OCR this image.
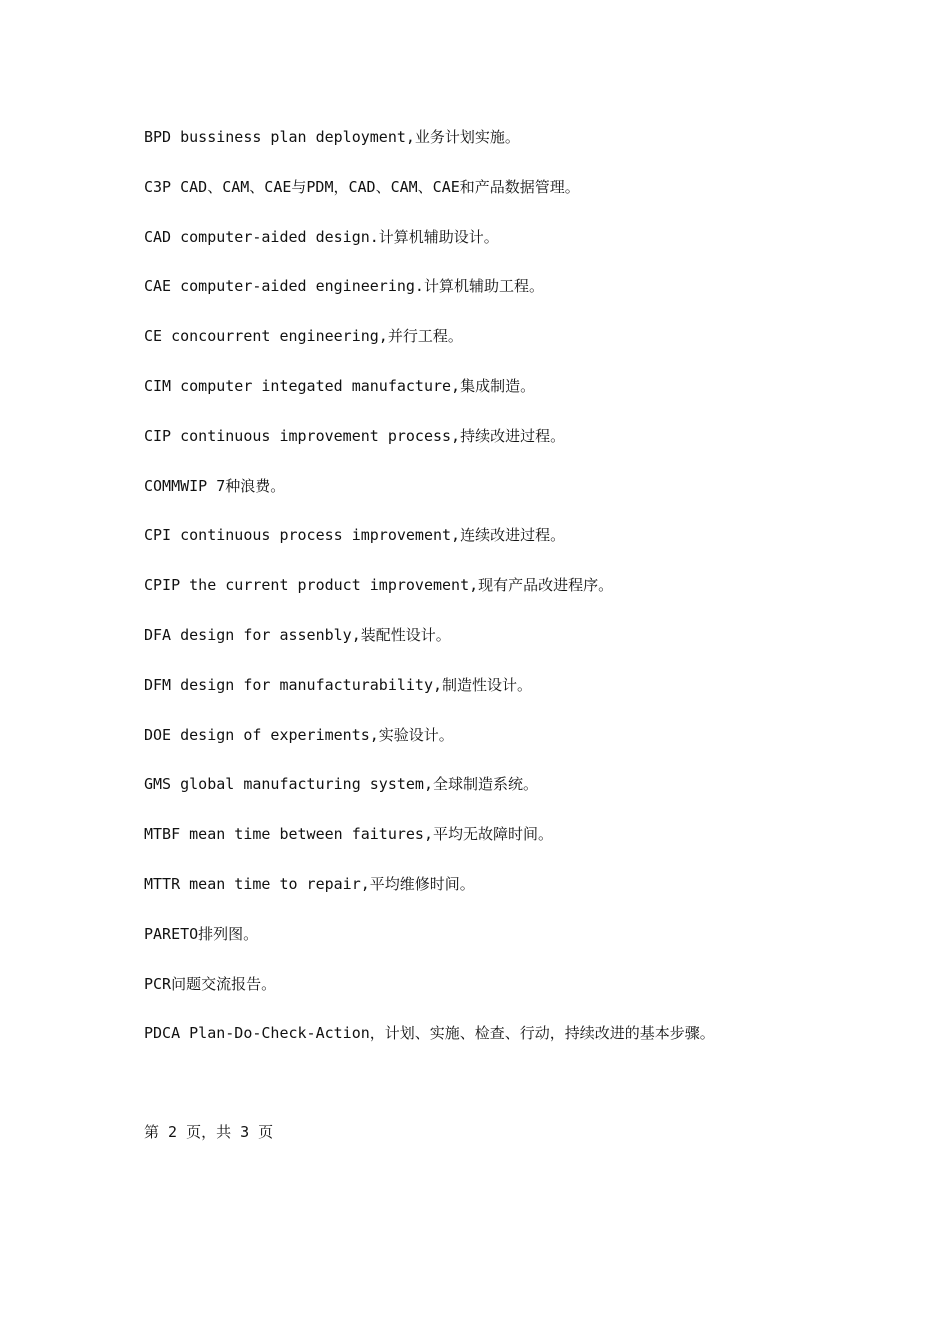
BPD bussiness plan deployment,业务计划实施。
C3P CAD、CAM、CAE与PDM，CAD、CAM、CAE和产品数据管理。
CAD computer-aided design.计算机辅助设计。
CAE computer-aided engineering.计算机辅助工程。
CE concourrent engineering,并行工程。
CIM computer integated manufacture,集成制造。
CIP continuous improvement process,持续改进过程。
COMMWIP 7种浪费。
CPI continuous process improvement,连续改进过程。
CPIP the current product improvement,现有产品改进程序。
DFA design for assenbly,装配性设计。
DFM design for manufacturability,制造性设计。
DOE design of experiments,实验设计。
GMS global manufacturing system,全球制造系统。
MTBF mean time between faitures,平均无故障时间。
MTTR mean time to repair,平均维修时间。
PARETO排列图。
PCR问题交流报告。
PDCA Plan-Do-Check-Action，计划、实施、检查、行动，持续改进的基本步骤。
第 2 页，共 3 页
